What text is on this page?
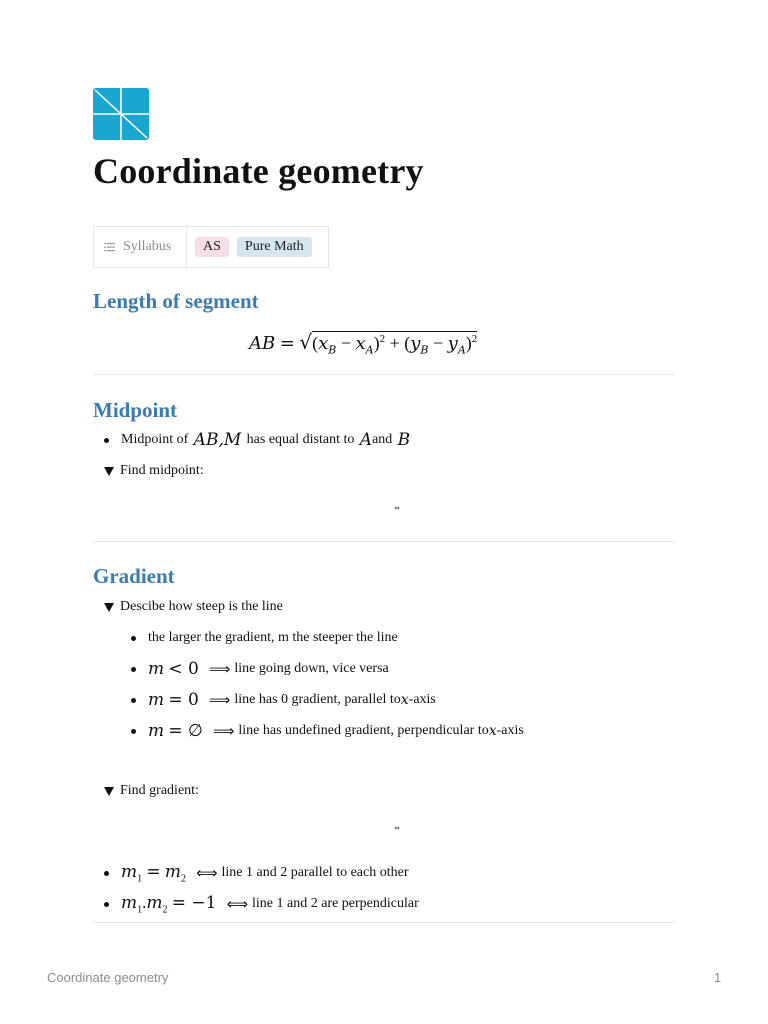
Coordinate geometry
Syllabus	AS	Pure Math
Length of segment
AB = $√(x_B - x_A)^2 + (y_B - y_A)^2$
Midpoint
Midpoint of AB,M has equal distant to A and B
Find midpoint:
"
Gradient
Descibe how steep is the line
the larger the gradient, m the steeper the line
m < 0 ⟹ line going down, vice versa
m = 0 ⟹ line has 0 gradient, parallel to x -axis
m = ∅ ⟹ line has undefined gradient, perpendicular to x -axis
Find gradient:
"
$m_1 = m_2$ ⟺ line 1 and 2 parallel to each other
$m_1.m_2 = -1$ ⟺ line 1 and 2 are perpendicular
Coordinate geometry	1
